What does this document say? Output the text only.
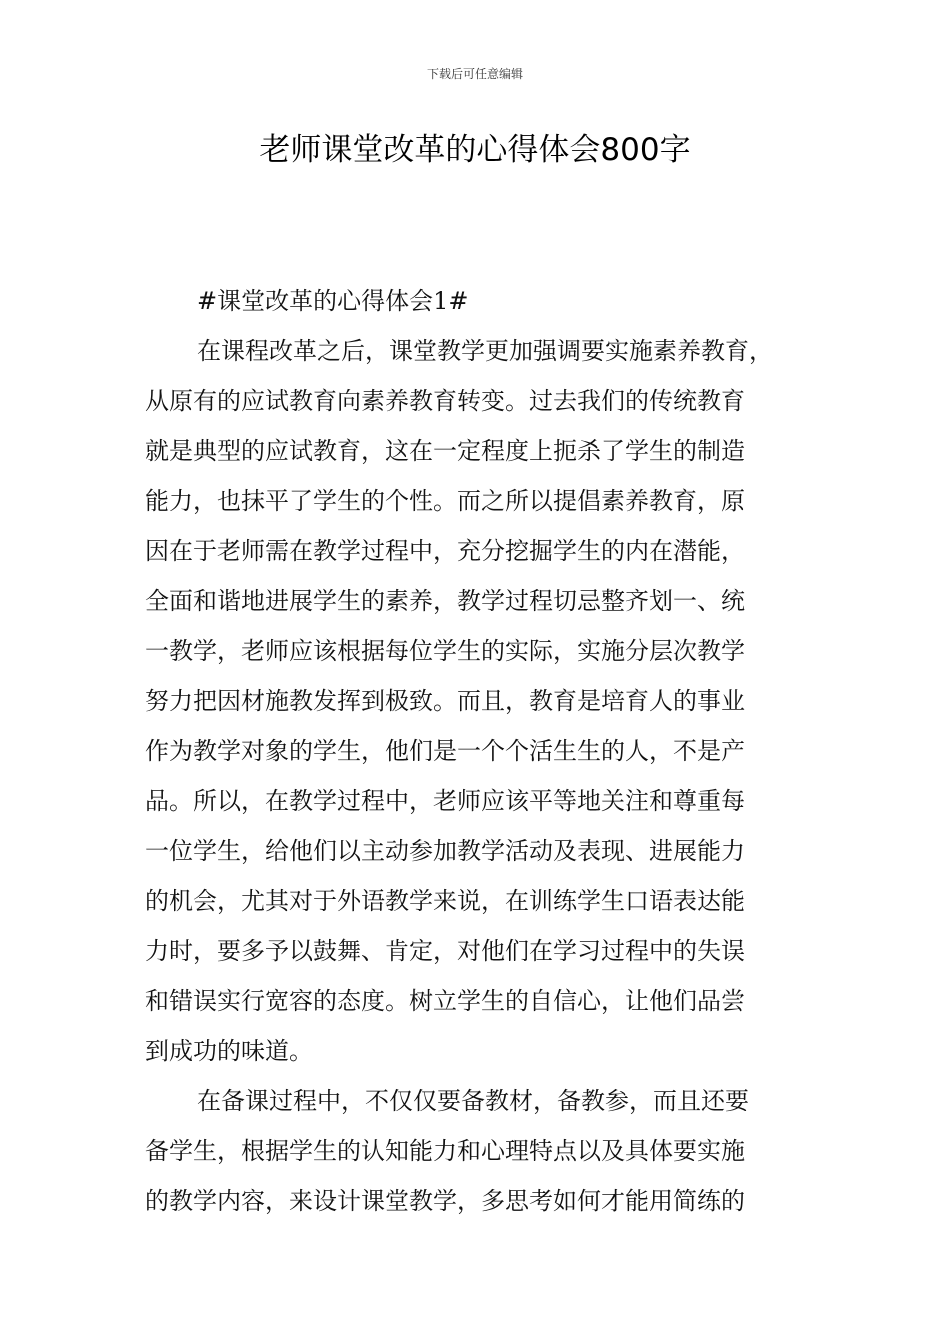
下载后可任意编辑
老师课堂改革的心得体会800字

#课堂改革的心得体会1#

在课程改革之后，课堂教学更加强调要实施素养教育，

从原有的应试教育向素养教育转变。过去我们的传统教育

就是典型的应试教育，这在一定程度上扼杀了学生的制造

能力，也抹平了学生的个性。而之所以提倡素养教育，原

因在于老师需在教学过程中，充分挖掘学生的内在潜能，

全面和谐地进展学生的素养，教学过程切忌整齐划一、统

一教学，老师应该根据每位学生的实际，实施分层次教学

努力把因材施教发挥到极致。而且，教育是培育人的事业

作为教学对象的学生，他们是一个个活生生的人，不是产

品。所以，在教学过程中，老师应该平等地关注和尊重每

一位学生，给他们以主动参加教学活动及表现、进展能力

的机会，尤其对于外语教学来说，在训练学生口语表达能

力时，要多予以鼓舞、肯定，对他们在学习过程中的失误

和错误实行宽容的态度。树立学生的自信心，让他们品尝

到成功的味道。

在备课过程中，不仅仅要备教材，备教参，而且还要

备学生，根据学生的认知能力和心理特点以及具体要实施

的教学内容，来设计课堂教学，多思考如何才能用简练的
